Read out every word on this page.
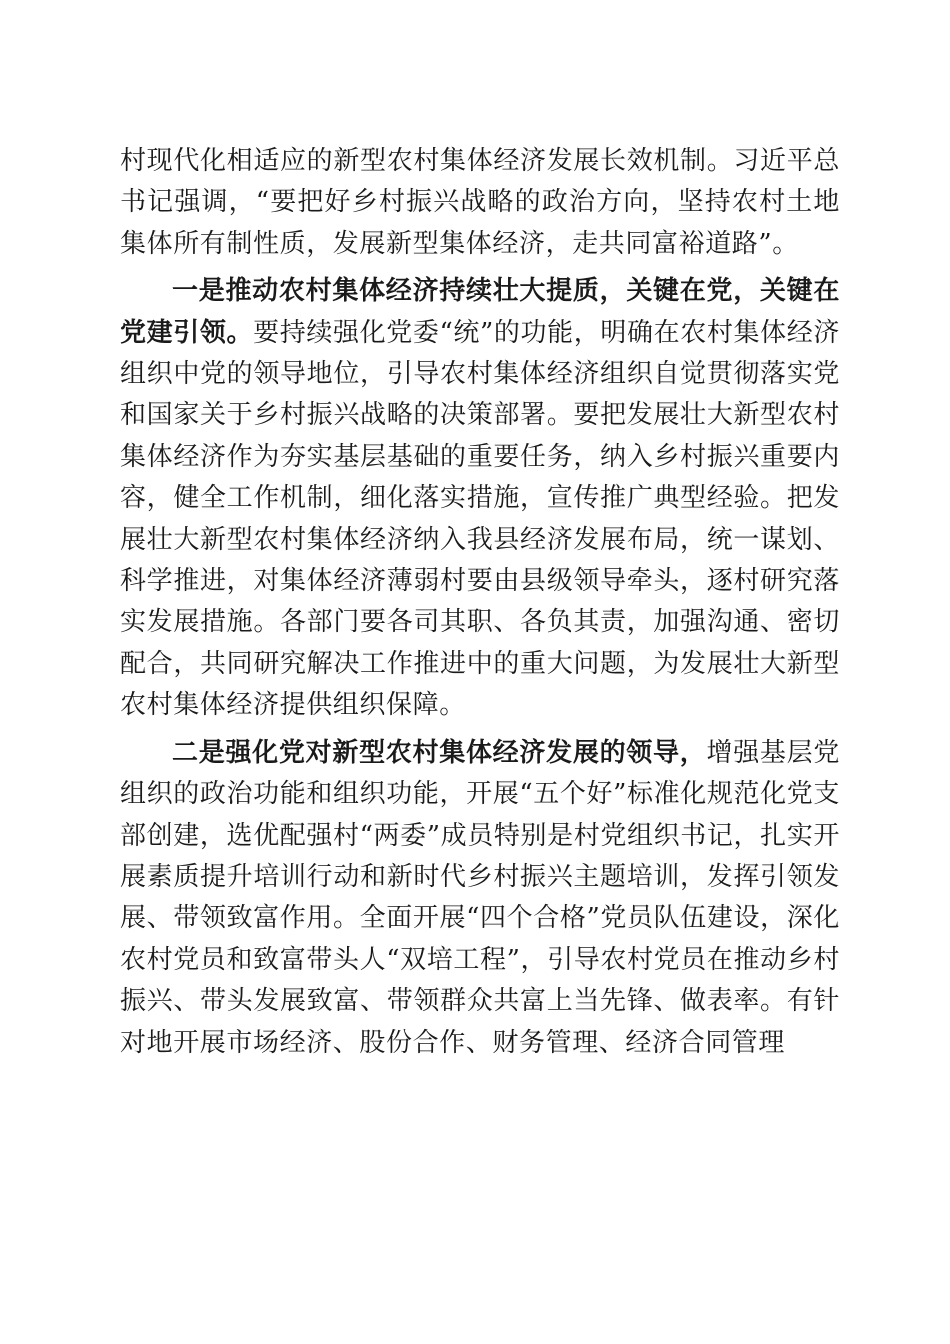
村现代化相适应的新型农村集体经济发展长效机制。习近平总书记强调，“要把好乡村振兴战略的政治方向，坚持农村土地集体所有制性质，发展新型集体经济，走共同富裕道路”。

一是推动农村集体经济持续壮大提质，关键在党，关键在党建引领。要持续强化党委“统”的功能，明确在农村集体经济组织中党的领导地位，引导农村集体经济组织自觉贯彻落实党和国家关于乡村振兴战略的决策部署。要把发展壮大新型农村集体经济作为夯实基层基础的重要任务，纳入乡村振兴重要内容，健全工作机制，细化落实措施，宣传推广典型经验。把发展壮大新型农村集体经济纳入我县经济发展布局，统一谋划、科学推进，对集体经济薄弱村要由县级领导牵头，逐村研究落实发展措施。各部门要各司其职、各负其责，加强沟通、密切配合，共同研究解决工作推进中的重大问题，为发展壮大新型农村集体经济提供组织保障。

二是强化党对新型农村集体经济发展的领导，增强基层党组织的政治功能和组织功能，开展“五个好”标准化规范化党支部创建，选优配强村“两委”成员特别是村党组织书记，扎实开展素质提升培训行动和新时代乡村振兴主题培训，发挥引领发展、带领致富作用。全面开展“四个合格”党员队伍建设，深化农村党员和致富带头人“双培工程”，引导农村党员在推动乡村振兴、带头发展致富、带领群众共富上当先锋、做表率。有针对地开展市场经济、股份合作、财务管理、经济合同管理
